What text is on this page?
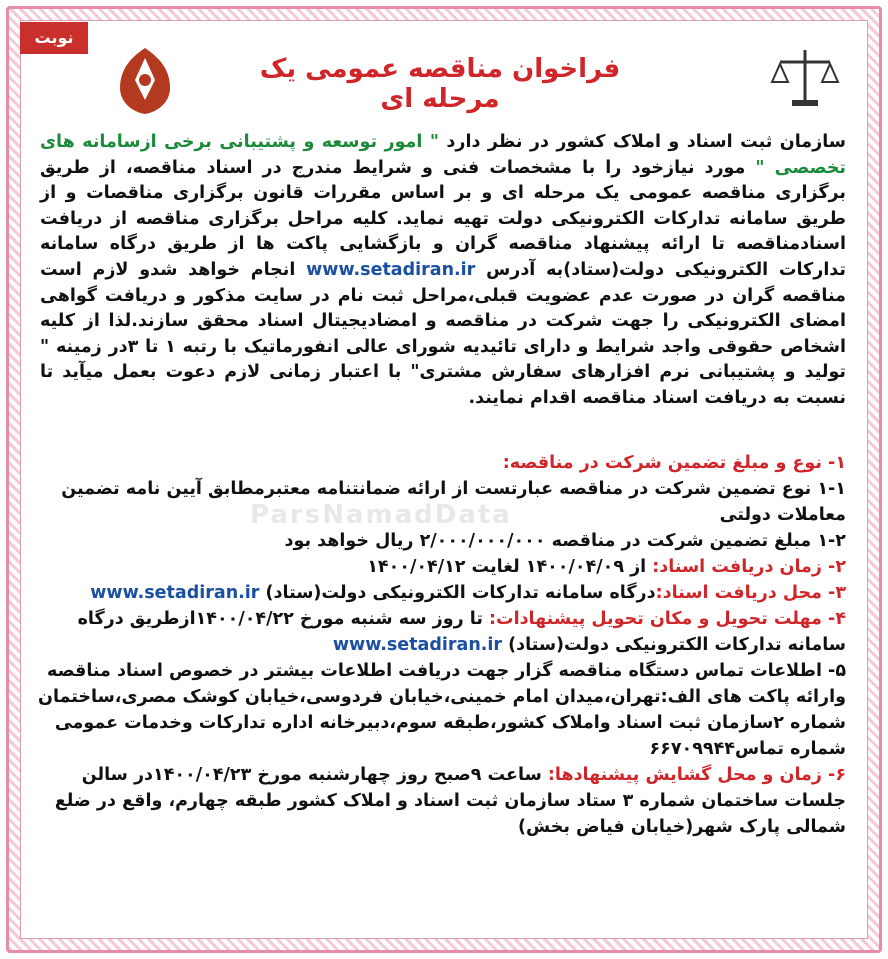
نوبت اول	فراخوان مناقصه عمومی یک مرحله ای
ParsNamadData
سازمان ثبت اسناد و املاک کشور در نظر دارد " امور توسعه و پشتیبانی برخی ازسامانه های تخصصی " مورد نیازخود را با مشخصات فنی و شرایط مندرج در اسناد مناقصه، از طریق برگزاری مناقصه عمومی یک مرحله ای و بر اساس مقررات قانون برگزاری مناقصات و از طریق سامانه تدارکات الکترونیکی دولت تهیه نماید. کلیه مراحل برگزاری مناقصه از دریافت اسنادمناقصه تا ارائه پیشنهاد مناقصه گران و بازگشایی پاکت ها از طریق درگاه سامانه تدارکات الکترونیکی دولت(ستاد)به آدرس www.setadiran.ir انجام خواهد شدو لازم است مناقصه گران در صورت عدم عضویت قبلی،مراحل ثبت نام در سایت مذکور و دریافت گواهی امضای الکترونیکی را جهت شرکت در مناقصه و امضادیجیتال اسناد محقق سازند.لذا از کلیه اشخاص حقوقی واجد شرایط و دارای تائیدیه شورای عالی انفورماتیک با رتبه ۱ تا ۳در زمینه " تولید و پشتیبانی نرم افزارهای سفارش مشتری" با اعتبار زمانی لازم دعوت بعمل میآید تا نسبت به دریافت اسناد مناقصه اقدام نمایند.

۱- نوع و مبلغ تضمین شرکت در مناقصه:

۱-۱ نوع تضمین شرکت در مناقصه عبارتست از ارائه ضمانتنامه معتبرمطابق آیین نامه تضمین معاملات دولتی

۱-۲ مبلغ تضمین شرکت در مناقصه ۲/۰۰۰/۰۰۰/۰۰۰ ریال خواهد بود

۲- زمان دریافت اسناد: از ۱۴۰۰/۰۴/۰۹ لغایت ۱۴۰۰/۰۴/۱۲

۳- محل دریافت اسناد:درگاه سامانه تدارکات الکترونیکی دولت(ستاد) www.setadiran.ir

۴- مهلت تحویل و مکان تحویل پیشنهادات: تا روز سه شنبه مورخ ۱۴۰۰/۰۴/۲۲ازطریق درگاه سامانه تدارکات الکترونیکی دولت(ستاد) www.setadiran.ir

۵- اطلاعات تماس دستگاه مناقصه گزار جهت دریافت اطلاعات بیشتر در خصوص اسناد مناقصه وارائه پاکت های الف:تهران،میدان امام خمینی،خیابان فردوسی،خیابان کوشک مصری،ساختمان شماره ۲سازمان ثبت اسناد واملاک کشور،طبقه سوم،دبیرخانه اداره تدارکات وخدمات عمومی شماره تماس۶۶۷۰۹۹۴۴

۶- زمان و محل گشایش پیشنهادها: ساعت ۹صبح روز چهارشنبه مورخ ۱۴۰۰/۰۴/۲۳در سالن جلسات ساختمان شماره ۳ ستاد سازمان ثبت اسناد و املاک کشور طبقه چهارم، واقع در ضلع شمالی پارک شهر(خیابان فیاض بخش)
